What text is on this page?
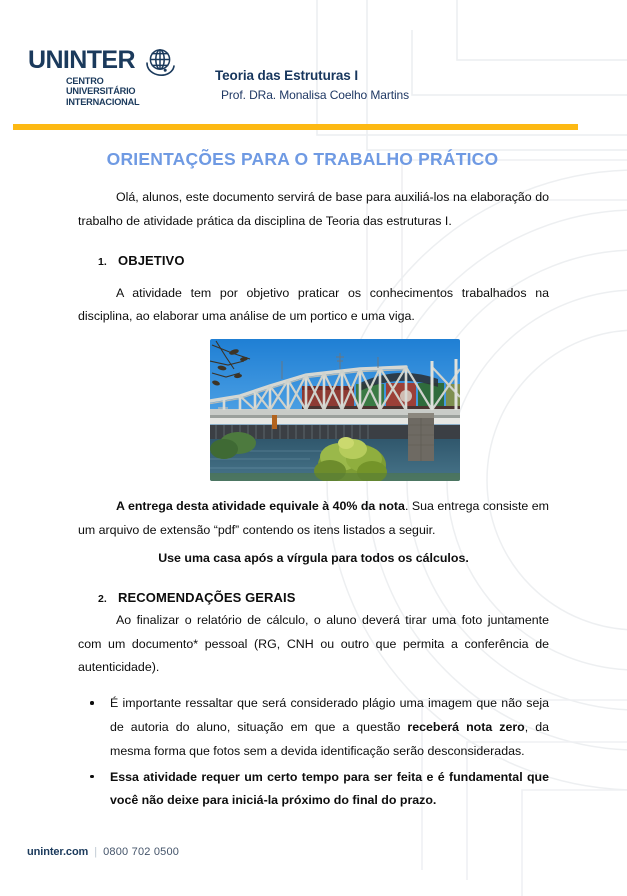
UNINTER
CENTRO
UNIVERSITÁRIO
INTERNACIONAL
Teoria das Estruturas I
Prof. DRa. Monalisa Coelho Martins
ORIENTAÇÕES PARA O TRABALHO PRÁTICO

Olá, alunos, este documento servirá de base para auxiliá-los na elaboração do trabalho de atividade prática da disciplina de Teoria das estruturas I.

1. OBJETIVO

A atividade tem por objetivo praticar os conhecimentos trabalhados na disciplina, ao elaborar uma análise de um portico e uma viga.

A entrega desta atividade equivale à 40% da nota. Sua entrega consiste em um arquivo de extensão “pdf” contendo os itens listados a seguir.

Use uma casa após a vírgula para todos os cálculos.

2. RECOMENDAÇÕES GERAIS

Ao finalizar o relatório de cálculo, o aluno deverá tirar uma foto juntamente com um documento* pessoal (RG, CNH ou outro que permita a conferência de autenticidade).

É importante ressaltar que será considerado plágio uma imagem que não seja de autoria do aluno, situação em que a questão receberá nota zero, da mesma forma que fotos sem a devida identificação serão desconsideradas.
Essa atividade requer um certo tempo para ser feita e é fundamental que você não deixe para iniciá-la próximo do final do prazo.
uninter.com | 0800 702 0500
